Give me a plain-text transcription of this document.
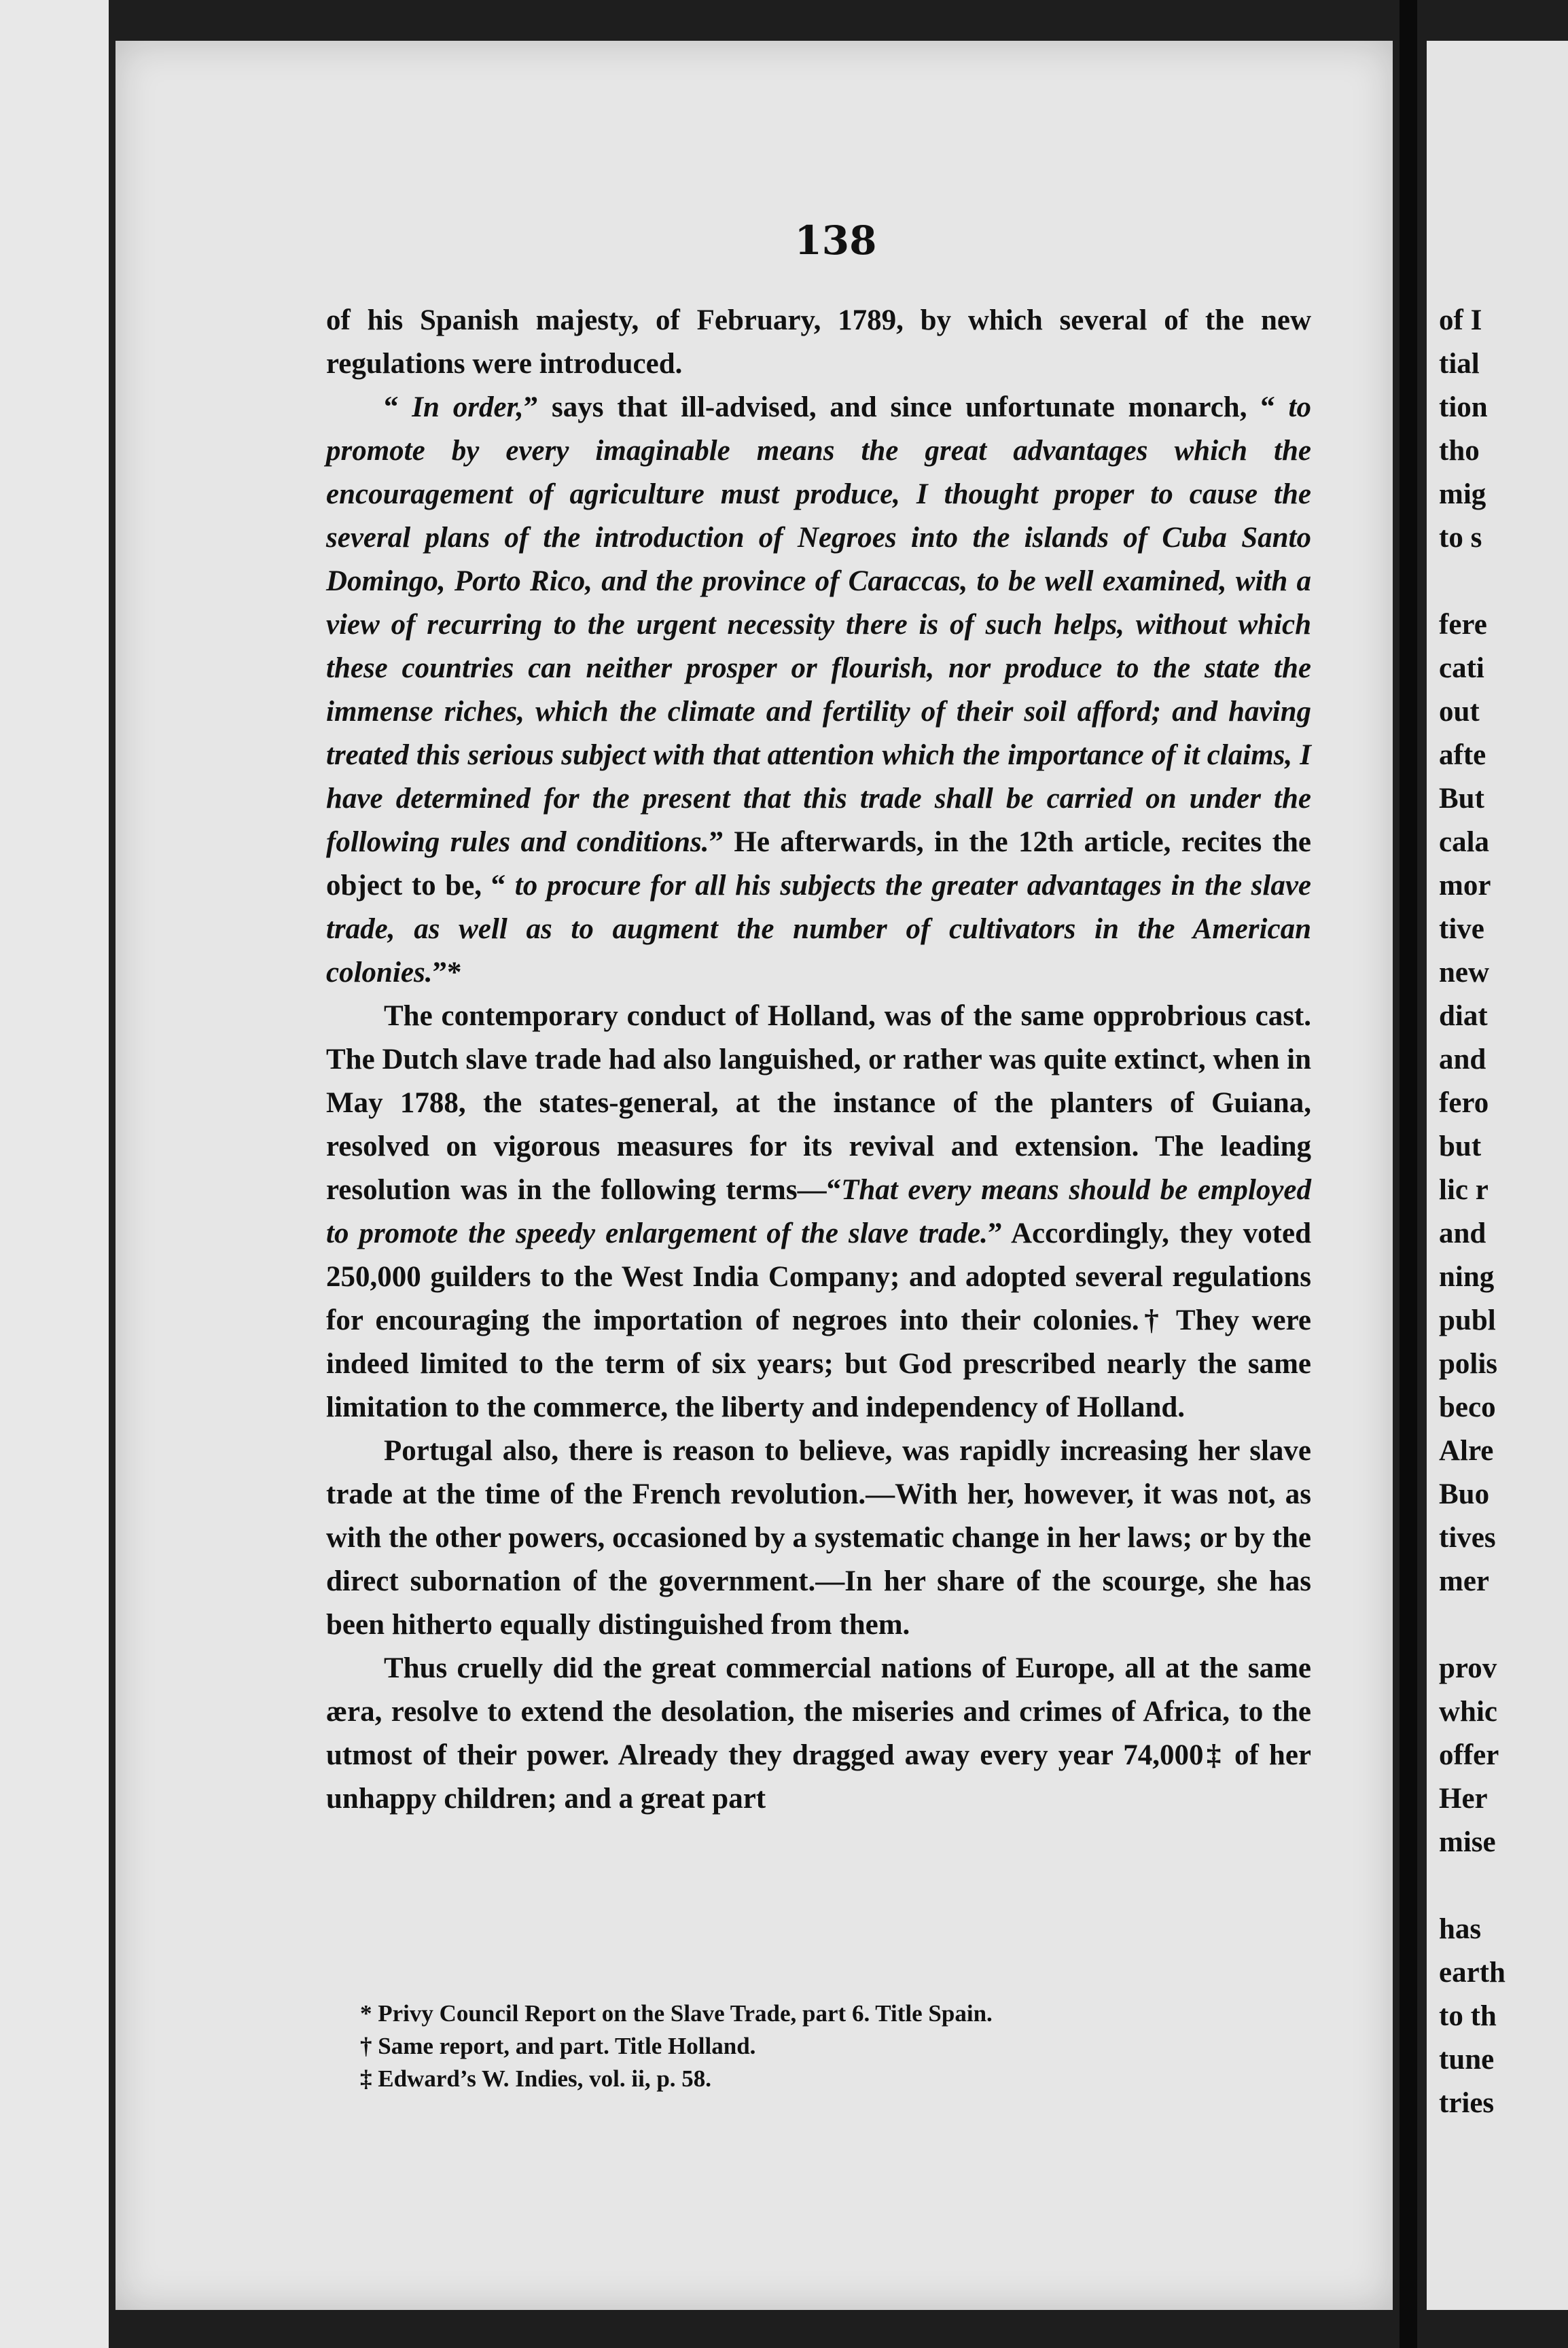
138

of his Spanish majesty, of February, 1789, by which several of the new regulations were introduced.

“ In order,” says that ill-advised, and since unfortunate monarch, “ to promote by every imaginable means the great advantages which the encouragement of agriculture must produce, I thought proper to cause the several plans of the introduction of Negroes into the islands of Cuba Santo Domingo, Porto Rico, and the province of Caraccas, to be well examined, with a view of recurring to the urgent necessity there is of such helps, without which these countries can neither prosper or flourish, nor produce to the state the immense riches, which the climate and fertility of their soil afford; and having treated this serious subject with that attention which the importance of it claims, I have determined for the present that this trade shall be carried on under the following rules and conditions.” He afterwards, in the 12th article, recites the object to be, “ to procure for all his subjects the greater advantages in the slave trade, as well as to augment the number of cultivators in the American colonies.”*

The contemporary conduct of Holland, was of the same opprobrious cast. The Dutch slave trade had also languished, or rather was quite extinct, when in May 1788, the states-general, at the instance of the planters of Guiana, resolved on vigorous measures for its revival and extension. The leading resolution was in the following terms—“That every means should be employed to promote the speedy enlargement of the slave trade.” Accordingly, they voted 250,000 guilders to the West India Company; and adopted several regulations for encouraging the importation of negroes into their colonies.† They were indeed limited to the term of six years; but God prescribed nearly the same limitation to the commerce, the liberty and independency of Holland.

Portugal also, there is reason to believe, was rapidly increasing her slave trade at the time of the French revolution.—With her, however, it was not, as with the other powers, occasioned by a systematic change in her laws; or by the direct subornation of the government.—In her share of the scourge, she has been hitherto equally distinguished from them.

Thus cruelly did the great commercial nations of Europe, all at the same æra, resolve to extend the desolation, the miseries and crimes of Africa, to the utmost of their power. Already they dragged away every year 74,000‡ of her unhappy children; and a great part

* Privy Council Report on the Slave Trade, part 6. Title Spain.

† Same report, and part. Title Holland.

‡ Edward’s W. Indies, vol. ii, p. 58.

of I
tial
tion
tho
mig
to s

fere
cati
out
afte
But
cala
mor
tive
new
diat
and
fero
but
lic r
and
ning
publ
polis
beco
Alre
Buo
tives
mer

prov
whic
offer
Her
mise

has
earth
to th
tune
tries
